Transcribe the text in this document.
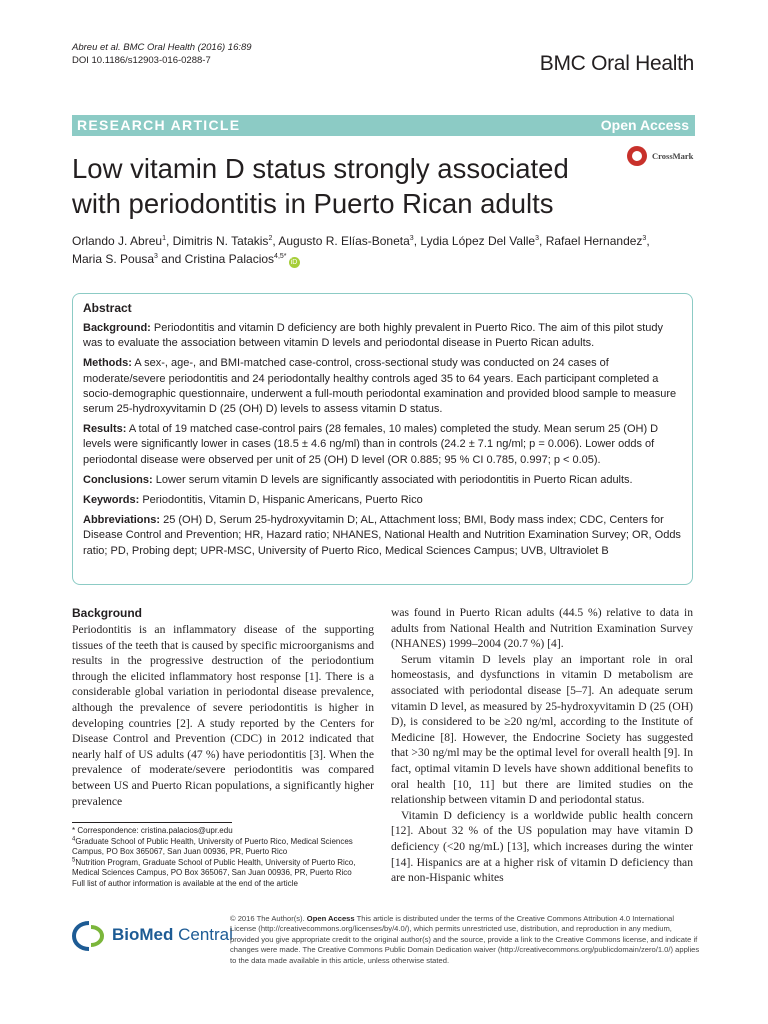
Abreu et al. BMC Oral Health (2016) 16:89
DOI 10.1186/s12903-016-0288-7	BMC Oral Health
RESEARCH ARTICLE	Open Access
Low vitamin D status strongly associated with periodontitis in Puerto Rican adults
CrossMark
Orlando J. Abreu$^1$, Dimitris N. Tatakis$^2$, Augusto R. Elías-Boneta$^3$, Lydia López Del Valle$^3$, Rafael Hernandez$^3$,
Maria S. Pousa$^3$ and Cristina Palacios$^{4,5*}$iD
Abstract

Background: Periodontitis and vitamin D deficiency are both highly prevalent in Puerto Rico. The aim of this pilot study was to evaluate the association between vitamin D levels and periodontal disease in Puerto Rican adults.

Methods: A sex-, age-, and BMI-matched case-control, cross-sectional study was conducted on 24 cases of moderate/severe periodontitis and 24 periodontally healthy controls aged 35 to 64 years. Each participant completed a socio-demographic questionnaire, underwent a full-mouth periodontal examination and provided blood sample to measure serum 25-hydroxyvitamin D (25 (OH) D) levels to assess vitamin D status.

Results: A total of 19 matched case-control pairs (28 females, 10 males) completed the study. Mean serum 25 (OH) D levels were significantly lower in cases (18.5 ± 4.6 ng/ml) than in controls (24.2 ± 7.1 ng/ml; p = 0.006). Lower odds of periodontal disease were observed per unit of 25 (OH) D level (OR 0.885; 95 % CI 0.785, 0.997; p < 0.05).

Conclusions: Lower serum vitamin D levels are significantly associated with periodontitis in Puerto Rican adults.

Keywords: Periodontitis, Vitamin D, Hispanic Americans, Puerto Rico

Abbreviations: 25 (OH) D, Serum 25-hydroxyvitamin D; AL, Attachment loss; BMI, Body mass index; CDC, Centers for Disease Control and Prevention; HR, Hazard ratio; NHANES, National Health and Nutrition Examination Survey; OR, Odds ratio; PD, Probing dept; UPR-MSC, University of Puerto Rico, Medical Sciences Campus; UVB, Ultraviolet B

Background

Periodontitis is an inflammatory disease of the supporting tissues of the teeth that is caused by specific microorganisms and results in the progressive destruction of the periodontium through the elicited inflammatory host response [1]. There is a considerable global variation in periodontal disease prevalence, although the prevalence of severe periodontitis is higher in developing countries [2]. A study reported by the Centers for Disease Control and Prevention (CDC) in 2012 indicated that nearly half of US adults (47 %) have periodontitis [3]. When the prevalence of moderate/severe periodontitis was compared between US and Puerto Rican populations, a significantly higher prevalence

was found in Puerto Rican adults (44.5 %) relative to data in adults from National Health and Nutrition Examination Survey (NHANES) 1999–2004 (20.7 %) [4].

Serum vitamin D levels play an important role in oral homeostasis, and dysfunctions in vitamin D metabolism are associated with periodontal disease [5–7]. An adequate serum vitamin D level, as measured by 25-hydroxyvitamin D (25 (OH) D), is considered to be ≥20 ng/ml, according to the Institute of Medicine [8]. However, the Endocrine Society has suggested that >30 ng/ml may be the optimal level for overall health [9]. In fact, optimal vitamin D levels have shown additional benefits to oral health [10, 11] but there are limited studies on the relationship between vitamin D and periodontal status.

Vitamin D deficiency is a worldwide public health concern [12]. About 32 % of the US population may have vitamin D deficiency (<20 ng/mL) [13], which increases during the winter [14]. Hispanics are at a higher risk of vitamin D deficiency than are non-Hispanic whites

* Correspondence: cristina.palacios@upr.edu
$^4$Graduate School of Public Health, University of Puerto Rico, Medical Sciences Campus, PO Box 365067, San Juan 00936, PR, Puerto Rico
$^5$Nutrition Program, Graduate School of Public Health, University of Puerto Rico, Medical Sciences Campus, PO Box 365067, San Juan 00936, PR, Puerto Rico
Full list of author information is available at the end of the article
BioMed Central
© 2016 The Author(s). Open Access This article is distributed under the terms of the Creative Commons Attribution 4.0 International License (http://creativecommons.org/licenses/by/4.0/), which permits unrestricted use, distribution, and reproduction in any medium, provided you give appropriate credit to the original author(s) and the source, provide a link to the Creative Commons license, and indicate if changes were made. The Creative Commons Public Domain Dedication waiver (http://creativecommons.org/publicdomain/zero/1.0/) applies to the data made available in this article, unless otherwise stated.
